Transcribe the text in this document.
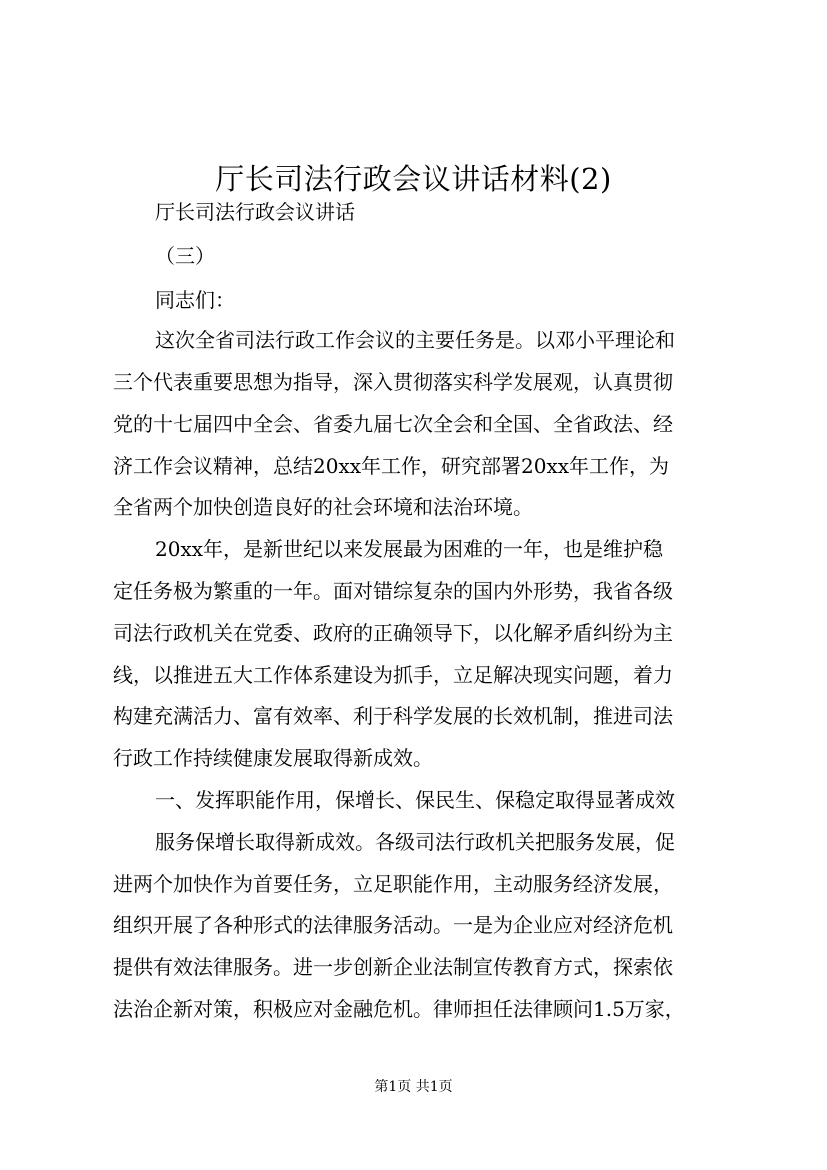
厅长司法行政会议讲话材料(2)
厅长司法行政会议讲话
（三）
同志们：
这次全省司法行政工作会议的主要任务是。以邓小平理论和
三个代表重要思想为指导，深入贯彻落实科学发展观，认真贯彻
党的十七届四中全会、省委九届七次全会和全国、全省政法、经
济工作会议精神，总结20xx年工作，研究部署20xx年工作，为
全省两个加快创造良好的社会环境和法治环境。
20xx年，是新世纪以来发展最为困难的一年，也是维护稳
定任务极为繁重的一年。面对错综复杂的国内外形势，我省各级
司法行政机关在党委、政府的正确领导下，以化解矛盾纠纷为主
线，以推进五大工作体系建设为抓手，立足解决现实问题，着力
构建充满活力、富有效率、利于科学发展的长效机制，推进司法
行政工作持续健康发展取得新成效。
一、发挥职能作用，保增长、保民生、保稳定取得显著成效
服务保增长取得新成效。各级司法行政机关把服务发展，促
进两个加快作为首要任务，立足职能作用，主动服务经济发展，
组织开展了各种形式的法律服务活动。一是为企业应对经济危机
提供有效法律服务。进一步创新企业法制宣传教育方式，探索依
法治企新对策，积极应对金融危机。律师担任法律顾问1.5万家，
第1页 共1页
